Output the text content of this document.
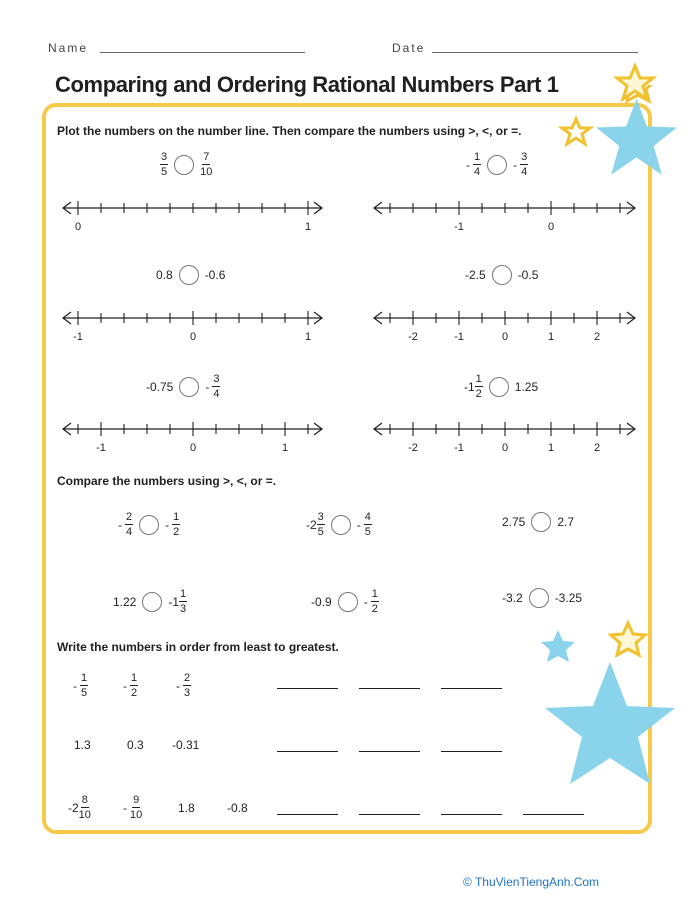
Name	Date
Comparing and Ordering Rational Numbers Part 1
Plot the numbers on the number line. Then compare the numbers using >, <, or =.
$\frac{3}{5}$	$\frac{7}{10}$	- $\frac{1}{4}$	- $\frac{3}{4}$
0.8	-0.6	-2.5	-0.5
-0.75	- $\frac{3}{4}$	$-1 \frac{1}{2}$	1.25
0	1	-1	0
-1	0	1	-2	-1	0	1	2
-1	0	1	-2	-1	0	1	2
Compare the numbers using >, <, or =.
- $\frac{2}{4}$	- $\frac{1}{2}$	$-2 \frac{3}{5}$	- $\frac{4}{5}$	2.75	2.7
1.22	$-1 \frac{1}{3}$	-0.9	- $\frac{1}{2}$	-3.2	-3.25
Write the numbers in order from least to greatest.
- $\frac{1}{5}$	- $\frac{1}{2}$	- $\frac{2}{3}$
1.3	0.3 -0.31
$-2 \frac{8}{10}$	- $\frac{9}{10}$	1.8	-0.8
© ThuVienTiengAnh.Com
